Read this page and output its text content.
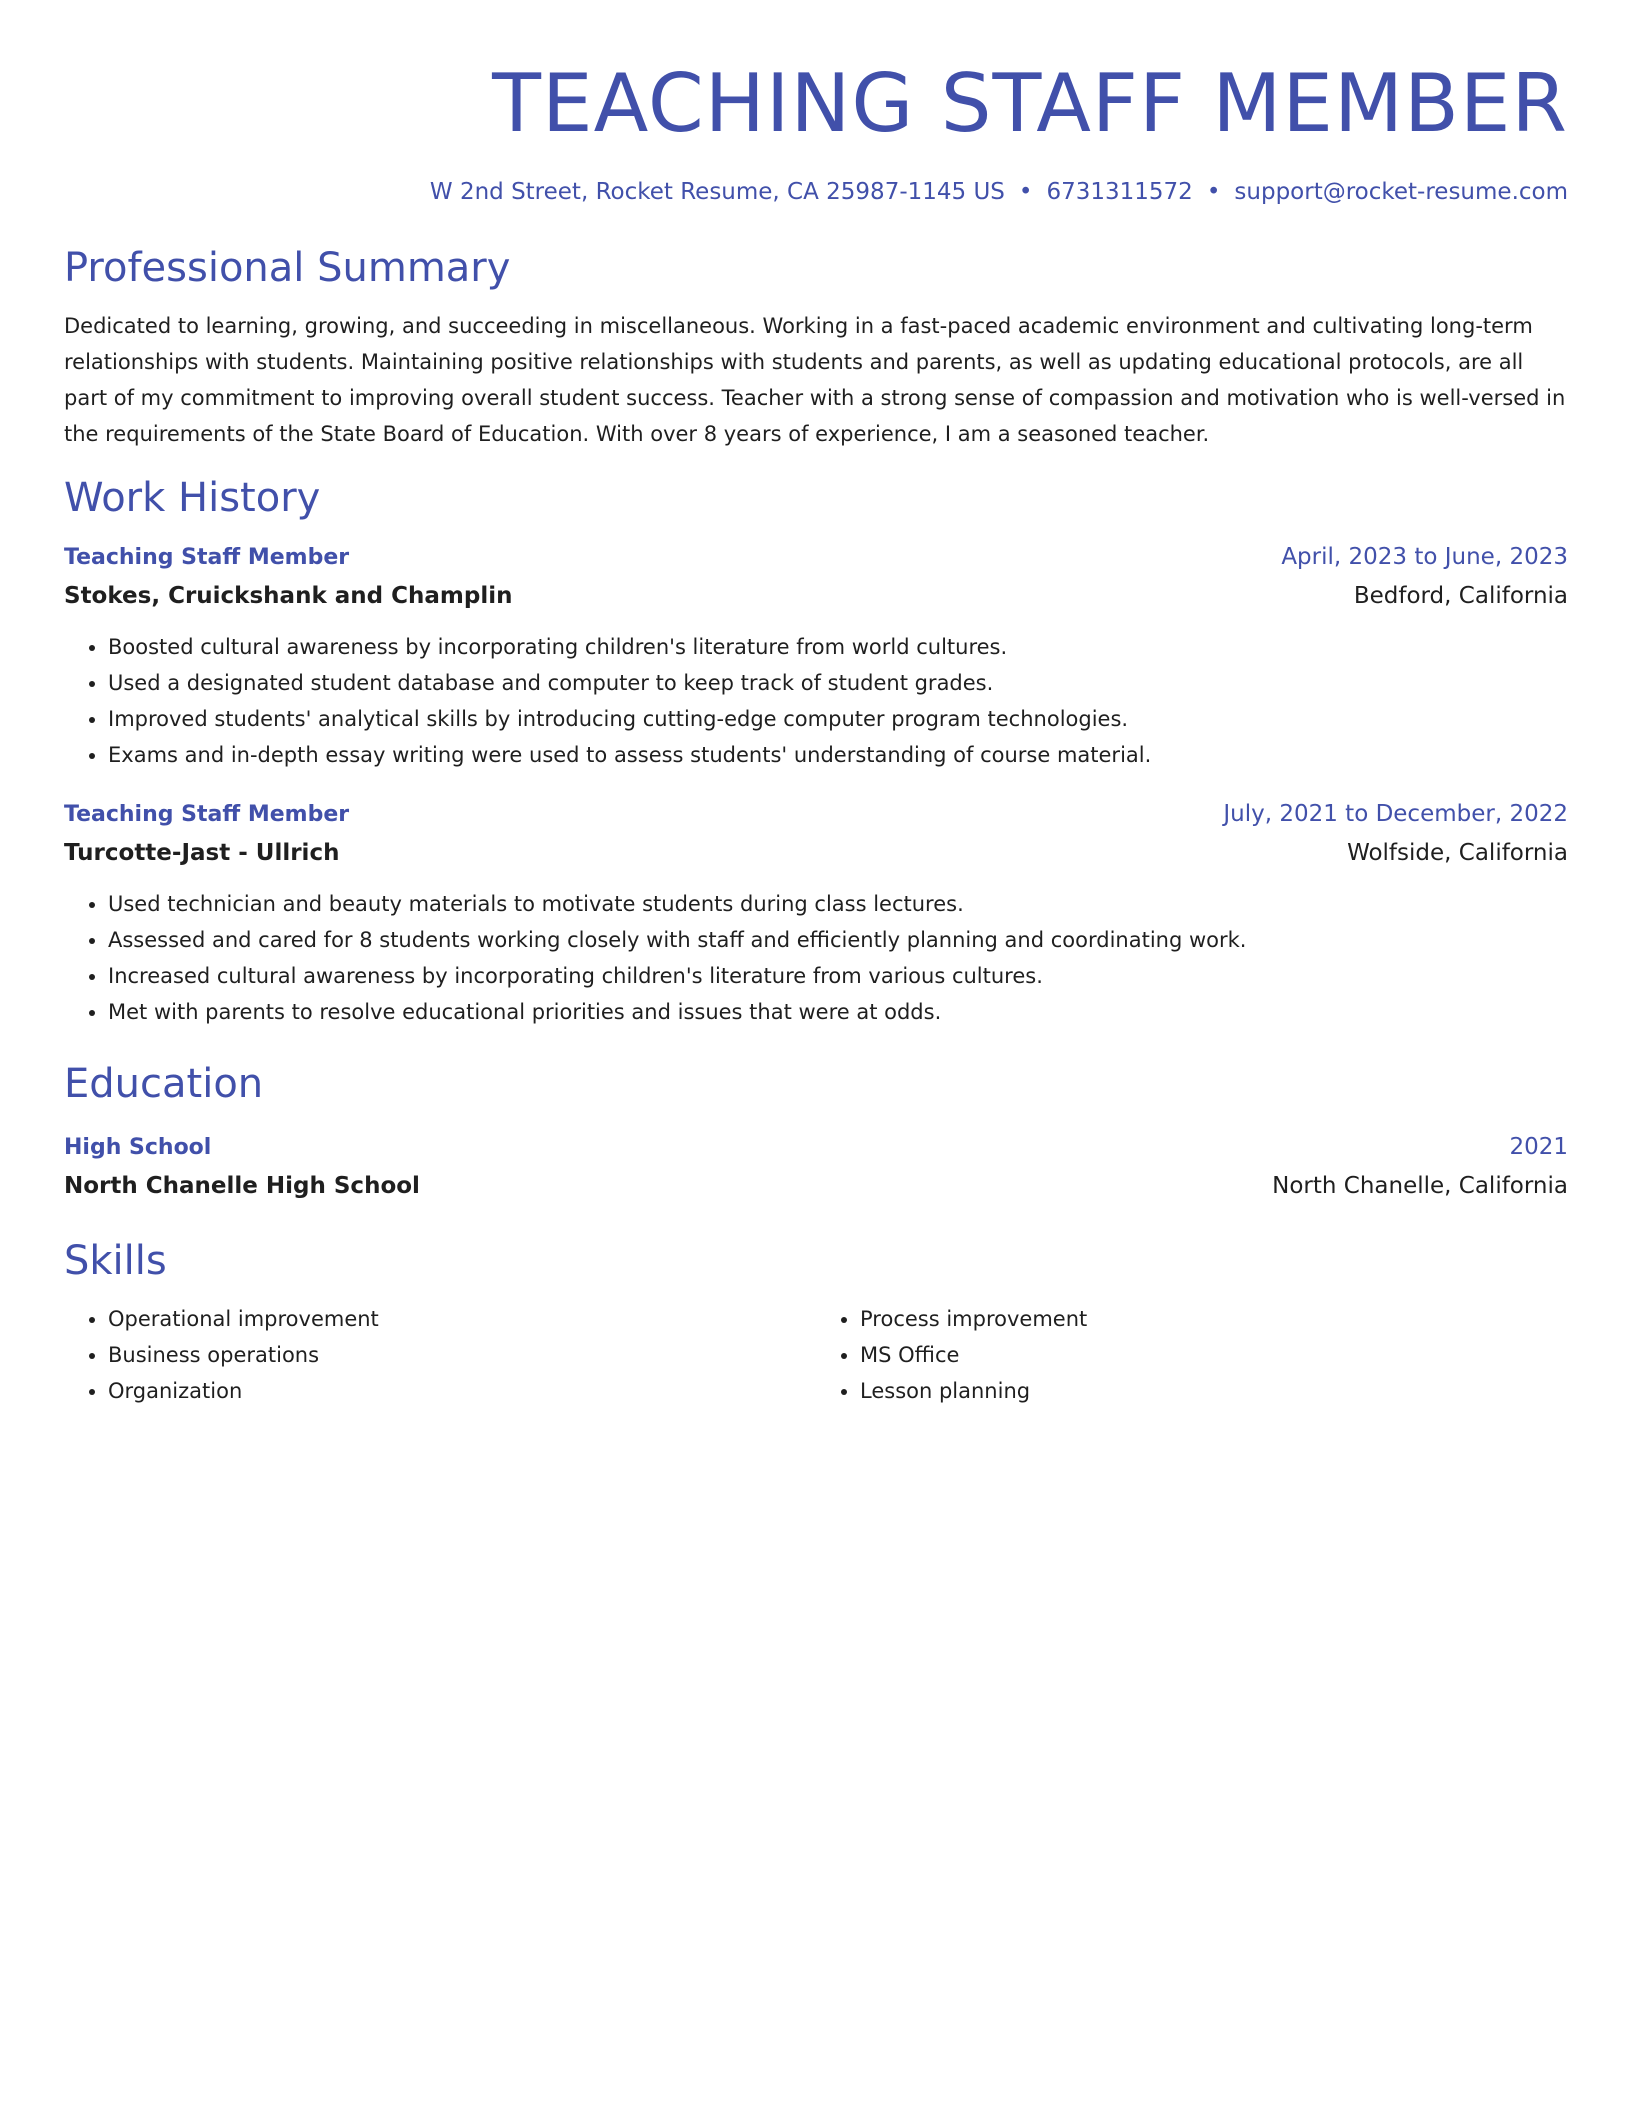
TEACHING STAFF MEMBER
W 2nd Street, Rocket Resume, CA 25987-1145 US • 6731311572 • support@rocket-resume.com
Professional Summary

Dedicated to learning, growing, and succeeding in miscellaneous. Working in a fast-paced academic environment and cultivating long-term relationships with students. Maintaining positive relationships with students and parents, as well as updating educational protocols, are all part of my commitment to improving overall student success. Teacher with a strong sense of compassion and motivation who is well-versed in the requirements of the State Board of Education. With over 8 years of experience, I am a seasoned teacher.

Work History
Teaching Staff Member	April, 2023 to June, 2023
Stokes, Cruickshank and Champlin	Bedford, California
• Boosted cultural awareness by incorporating children's literature from world cultures.
• Used a designated student database and computer to keep track of student grades.
• Improved students' analytical skills by introducing cutting-edge computer program technologies.
• Exams and in-depth essay writing were used to assess students' understanding of course material.
Teaching Staff Member	July, 2021 to December, 2022
Turcotte-Jast - Ullrich	Wolfside, California
• Used technician and beauty materials to motivate students during class lectures.
• Assessed and cared for 8 students working closely with staff and efficiently planning and coordinating work.
• Increased cultural awareness by incorporating children's literature from various cultures.
• Met with parents to resolve educational priorities and issues that were at odds.
Education
High School	2021
North Chanelle High School	North Chanelle, California
Skills
• Operational improvement
• Business operations
• Organization
• Process improvement
• MS Office
• Lesson planning
